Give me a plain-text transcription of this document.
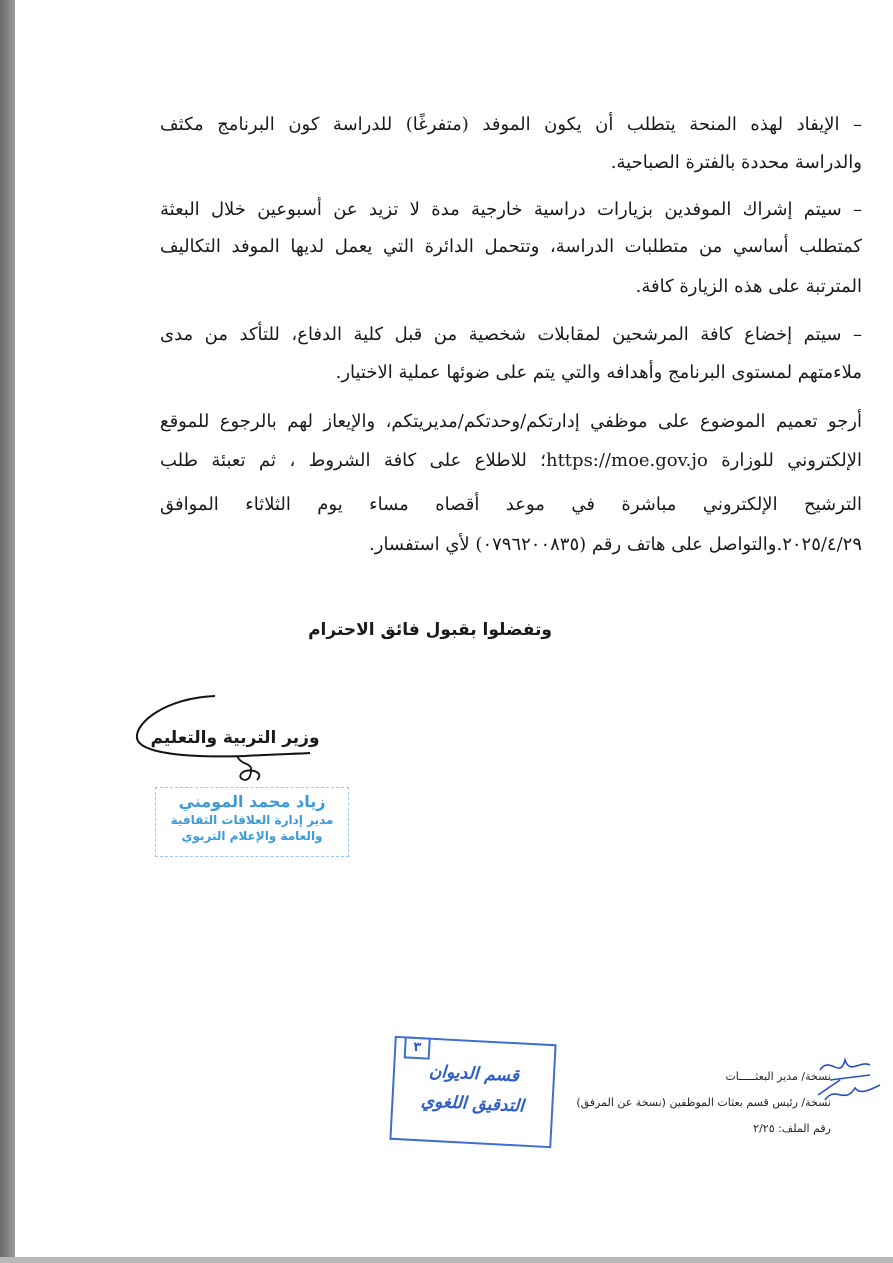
– الإيفاد لهذه المنحة يتطلب أن يكون الموفد (متفرغًا) للدراسة كون البرنامج مكثف
والدراسة محددة بالفترة الصباحية.
– سيتم إشراك الموفدين بزيارات دراسية خارجية مدة لا تزيد عن أسبوعين خلال البعثة
كمتطلب أساسي من متطلبات الدراسة، وتتحمل الدائرة التي يعمل لديها الموفد التكاليف
المترتبة على هذه الزيارة كافة.
– سيتم إخضاع كافة المرشحين لمقابلات شخصية من قبل كلية الدفاع، للتأكد من مدى
ملاءمتهم لمستوى البرنامج وأهدافه والتي يتم على ضوئها عملية الاختيار.
أرجو تعميم الموضوع على موظفي إدارتكم/وحدتكم/مديريتكم، والإيعاز لهم بالرجوع للموقع
الإلكتروني للوزارة https://moe.gov.jo؛ للاطلاع على كافة الشروط ، ثم تعبئة طلب
الترشيح الإلكتروني مباشرة في موعد أقصاه مساء يوم الثلاثاء الموافق
٢٠٢٥/٤/٢٩.والتواصل على هاتف رقم (٠٧٩٦٢٠٠٨٣٥) لأي استفسار.
وتفضلوا بقبول فائق الاحترام
وزير التربية والتعليم
زياد محمد المومني
مدير إدارة العلاقات الثقافية
والعامة والإعلام التربوي
٣
قسم الديوان
التدقيق اللغوي
نسخة/ مدير البعثـــــات
نسخة/ رئيس قسم بعثات الموظفين (نسخة عن المرفق)
رقم الملف: ٢/٢٥
